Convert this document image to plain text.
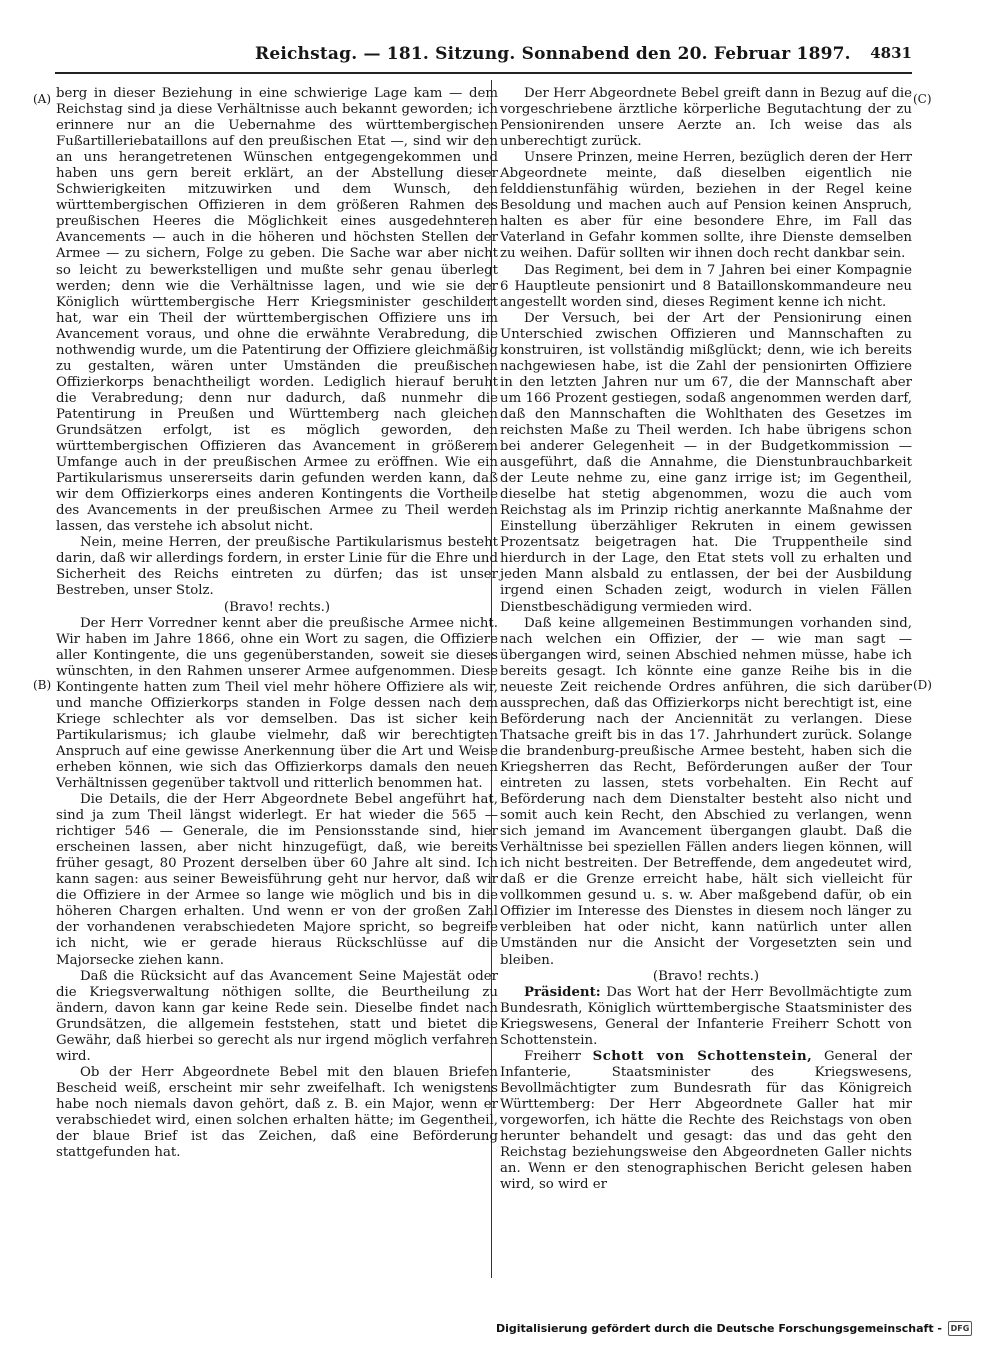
Reichstag. — 181. Sitzung. Sonnabend den 20. Februar 1897. 4831
(A)
(B)
(C)
(D)

berg in dieser Beziehung in eine schwierige Lage kam — dem Reichstag sind ja diese Verhältnisse auch bekannt geworden; ich erinnere nur an die Uebernahme des württembergischen Fußartilleriebataillons auf den preußischen Etat —, sind wir den an uns herangetretenen Wünschen entgegengekommen und haben uns gern bereit erklärt, an der Abstellung dieser Schwierigkeiten mitzuwirken und dem Wunsch, den württembergischen Offizieren in dem größeren Rahmen des preußischen Heeres die Möglichkeit eines ausgedehnteren Avancements — auch in die höheren und höchsten Stellen der Armee — zu sichern, Folge zu geben. Die Sache war aber nicht so leicht zu bewerkstelligen und mußte sehr genau überlegt werden; denn wie die Verhältnisse lagen, und wie sie der Königlich württembergische Herr Kriegsminister geschildert hat, war ein Theil der württembergischen Offiziere uns im Avancement voraus, und ohne die erwähnte Verabredung, die nothwendig wurde, um die Patentirung der Offiziere gleichmäßig zu gestalten, wären unter Umständen die preußischen Offizierkorps benachtheiligt worden. Lediglich hierauf beruht die Verabredung; denn nur dadurch, daß nunmehr die Patentirung in Preußen und Württemberg nach gleichen Grundsätzen erfolgt, ist es möglich geworden, den württembergischen Offizieren das Avancement in größerem Umfange auch in der preußischen Armee zu eröffnen. Wie ein Partikularismus unsererseits darin gefunden werden kann, daß wir dem Offizierkorps eines anderen Kontingents die Vortheile des Avancements in der preußischen Armee zu Theil werden lassen, das verstehe ich absolut nicht.

Nein, meine Herren, der preußische Partikularismus besteht darin, daß wir allerdings fordern, in erster Linie für die Ehre und Sicherheit des Reichs eintreten zu dürfen; das ist unser Bestreben, unser Stolz.

(Bravo! rechts.)

Der Herr Vorredner kennt aber die preußische Armee nicht. Wir haben im Jahre 1866, ohne ein Wort zu sagen, die Offiziere aller Kontingente, die uns gegenüberstanden, soweit sie dieses wünschten, in den Rahmen unserer Armee aufgenommen. Diese Kontingente hatten zum Theil viel mehr höhere Offiziere als wir, und manche Offizierkorps standen in Folge dessen nach dem Kriege schlechter als vor demselben. Das ist sicher kein Partikularismus; ich glaube vielmehr, daß wir berechtigten Anspruch auf eine gewisse Anerkennung über die Art und Weise erheben können, wie sich das Offizierkorps damals den neuen Verhältnissen gegenüber taktvoll und ritterlich benommen hat.

Die Details, die der Herr Abgeordnete Bebel angeführt hat, sind ja zum Theil längst widerlegt. Er hat wieder die 565 — richtiger 546 — Generale, die im Pensionsstande sind, hier erscheinen lassen, aber nicht hinzugefügt, daß, wie bereits früher gesagt, 80 Prozent derselben über 60 Jahre alt sind. Ich kann sagen: aus seiner Beweisführung geht nur hervor, daß wir die Offiziere in der Armee so lange wie möglich und bis in die höheren Chargen erhalten. Und wenn er von der großen Zahl der vorhandenen verabschiedeten Majore spricht, so begreife ich nicht, wie er gerade hieraus Rückschlüsse auf die Majorsecke ziehen kann.

Daß die Rücksicht auf das Avancement Seine Majestät oder die Kriegsverwaltung nöthigen sollte, die Beurtheilung zu ändern, davon kann gar keine Rede sein. Dieselbe findet nach Grundsätzen, die allgemein feststehen, statt und bietet die Gewähr, daß hierbei so gerecht als nur irgend möglich verfahren wird.

Ob der Herr Abgeordnete Bebel mit den blauen Briefen Bescheid weiß, erscheint mir sehr zweifelhaft. Ich wenigstens habe noch niemals davon gehört, daß z. B. ein Major, wenn er verabschiedet wird, einen solchen erhalten hätte; im Gegentheil, der blaue Brief ist das Zeichen, daß eine Beförderung stattgefunden hat.

Der Herr Abgeordnete Bebel greift dann in Bezug auf die vorgeschriebene ärztliche körperliche Begutachtung der zu Pensionirenden unsere Aerzte an. Ich weise das als unberechtigt zurück.

Unsere Prinzen, meine Herren, bezüglich deren der Herr Abgeordnete meinte, daß dieselben eigentlich nie felddienstunfähig würden, beziehen in der Regel keine Besoldung und machen auch auf Pension keinen Anspruch, halten es aber für eine besondere Ehre, im Fall das Vaterland in Gefahr kommen sollte, ihre Dienste demselben zu weihen. Dafür sollten wir ihnen doch recht dankbar sein.

Das Regiment, bei dem in 7 Jahren bei einer Kompagnie 6 Hauptleute pensionirt und 8 Bataillonskommandeure neu angestellt worden sind, dieses Regiment kenne ich nicht.

Der Versuch, bei der Art der Pensionirung einen Unterschied zwischen Offizieren und Mannschaften zu konstruiren, ist vollständig mißglückt; denn, wie ich bereits nachgewiesen habe, ist die Zahl der pensionirten Offiziere in den letzten Jahren nur um 67, die der Mannschaft aber um 166 Prozent gestiegen, sodaß angenommen werden darf, daß den Mannschaften die Wohlthaten des Gesetzes im reichsten Maße zu Theil werden. Ich habe übrigens schon bei anderer Gelegenheit — in der Budgetkommission — ausgeführt, daß die Annahme, die Dienstunbrauchbarkeit der Leute nehme zu, eine ganz irrige ist; im Gegentheil, dieselbe hat stetig abgenommen, wozu die auch vom Reichstag als im Prinzip richtig anerkannte Maßnahme der Einstellung überzähliger Rekruten in einem gewissen Prozentsatz beigetragen hat. Die Truppentheile sind hierdurch in der Lage, den Etat stets voll zu erhalten und jeden Mann alsbald zu entlassen, der bei der Ausbildung irgend einen Schaden zeigt, wodurch in vielen Fällen Dienstbeschädigung vermieden wird.

Daß keine allgemeinen Bestimmungen vorhanden sind, nach welchen ein Offizier, der — wie man sagt — übergangen wird, seinen Abschied nehmen müsse, habe ich bereits gesagt. Ich könnte eine ganze Reihe bis in die neueste Zeit reichende Ordres anführen, die sich darüber aussprechen, daß das Offizierkorps nicht berechtigt ist, eine Beförderung nach der Anciennität zu verlangen. Diese Thatsache greift bis in das 17. Jahrhundert zurück. Solange die brandenburg-preußische Armee besteht, haben sich die Kriegsherren das Recht, Beförderungen außer der Tour eintreten zu lassen, stets vorbehalten. Ein Recht auf Beförderung nach dem Dienstalter besteht also nicht und somit auch kein Recht, den Abschied zu verlangen, wenn sich jemand im Avancement übergangen glaubt. Daß die Verhältnisse bei speziellen Fällen anders liegen können, will ich nicht bestreiten. Der Betreffende, dem angedeutet wird, daß er die Grenze erreicht habe, hält sich vielleicht für vollkommen gesund u. s. w. Aber maßgebend dafür, ob ein Offizier im Interesse des Dienstes in diesem noch länger zu verbleiben hat oder nicht, kann natürlich unter allen Umständen nur die Ansicht der Vorgesetzten sein und bleiben.

(Bravo! rechts.)

Präsident: Das Wort hat der Herr Bevollmächtigte zum Bundesrath, Königlich württembergische Staatsminister des Kriegswesens, General der Infanterie Freiherr Schott von Schottenstein.

Freiherr Schott von Schottenstein, General der Infanterie, Staatsminister des Kriegswesens, Bevollmächtigter zum Bundesrath für das Königreich Württemberg: Der Herr Abgeordnete Galler hat mir vorgeworfen, ich hätte die Rechte des Reichstags von oben herunter behandelt und gesagt: das und das geht den Reichstag beziehungsweise den Abgeordneten Galler nichts an. Wenn er den stenographischen Bericht gelesen haben wird, so wird er

Digitalisierung gefördert durch die Deutsche Forschungsgemeinschaft -	DFG
